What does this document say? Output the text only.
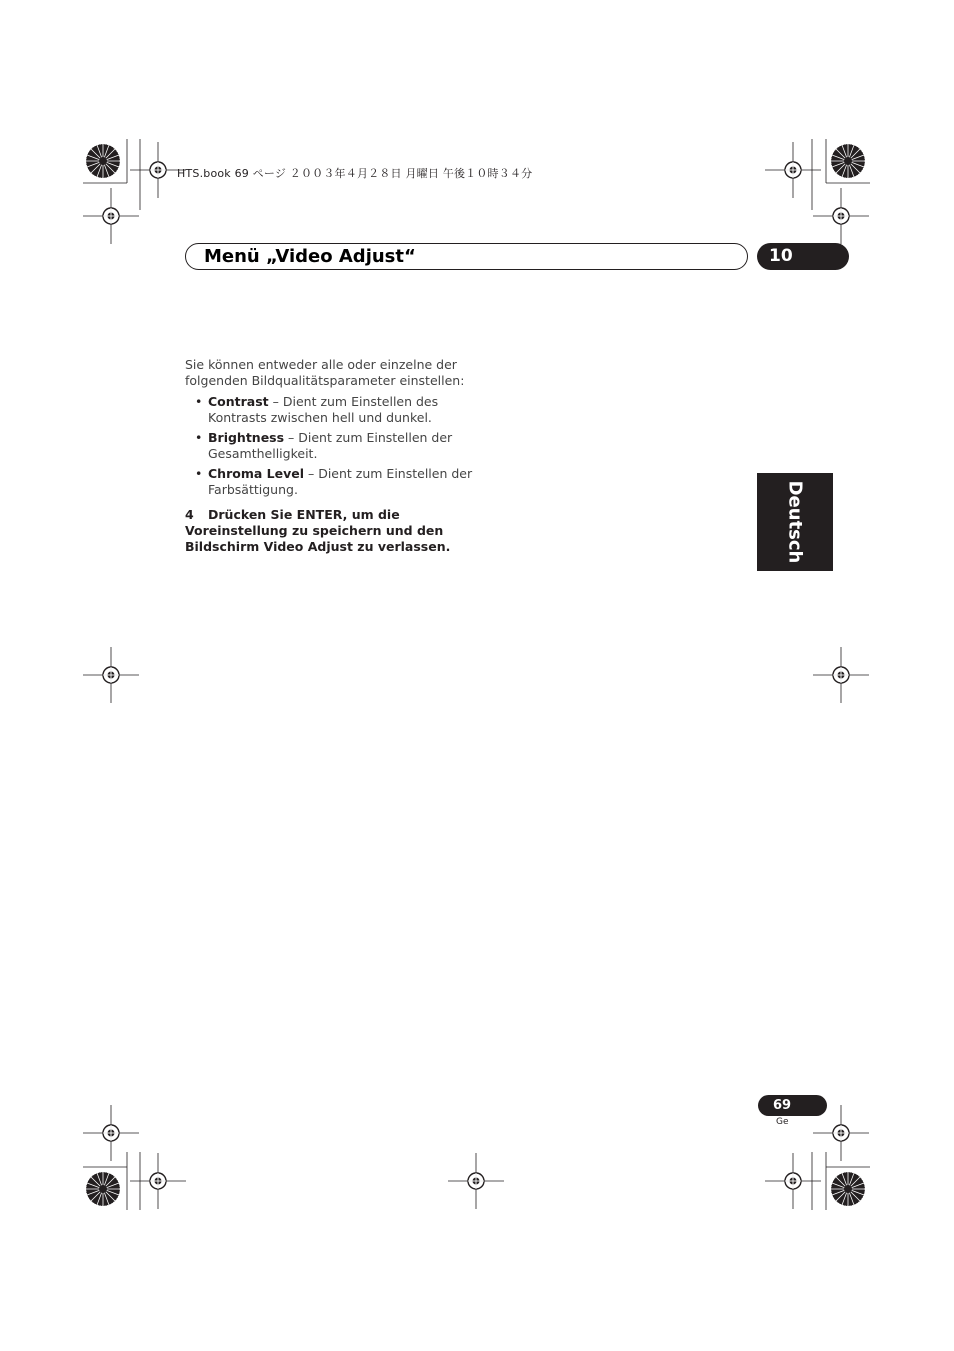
HTS.book 69 ページ ２００３年４月２８日 月曜日 午後１０時３４分
Menü „Video Adjust“	10

Sie können entweder alle oder einzelne der folgenden Bildqualitätsparameter einstellen:

• Contrast – Dient zum Einstellen des Kontrasts zwischen hell und dunkel.
• Brightness – Dient zum Einstellen der Gesamthelligkeit.
• Chroma Level – Dient zum Einstellen der Farbsättigung.
4 Drücken Sie ENTER, um die Voreinstellung zu speichern und den Bildschirm Video Adjust zu verlassen.	Deutsch
69
Ge
